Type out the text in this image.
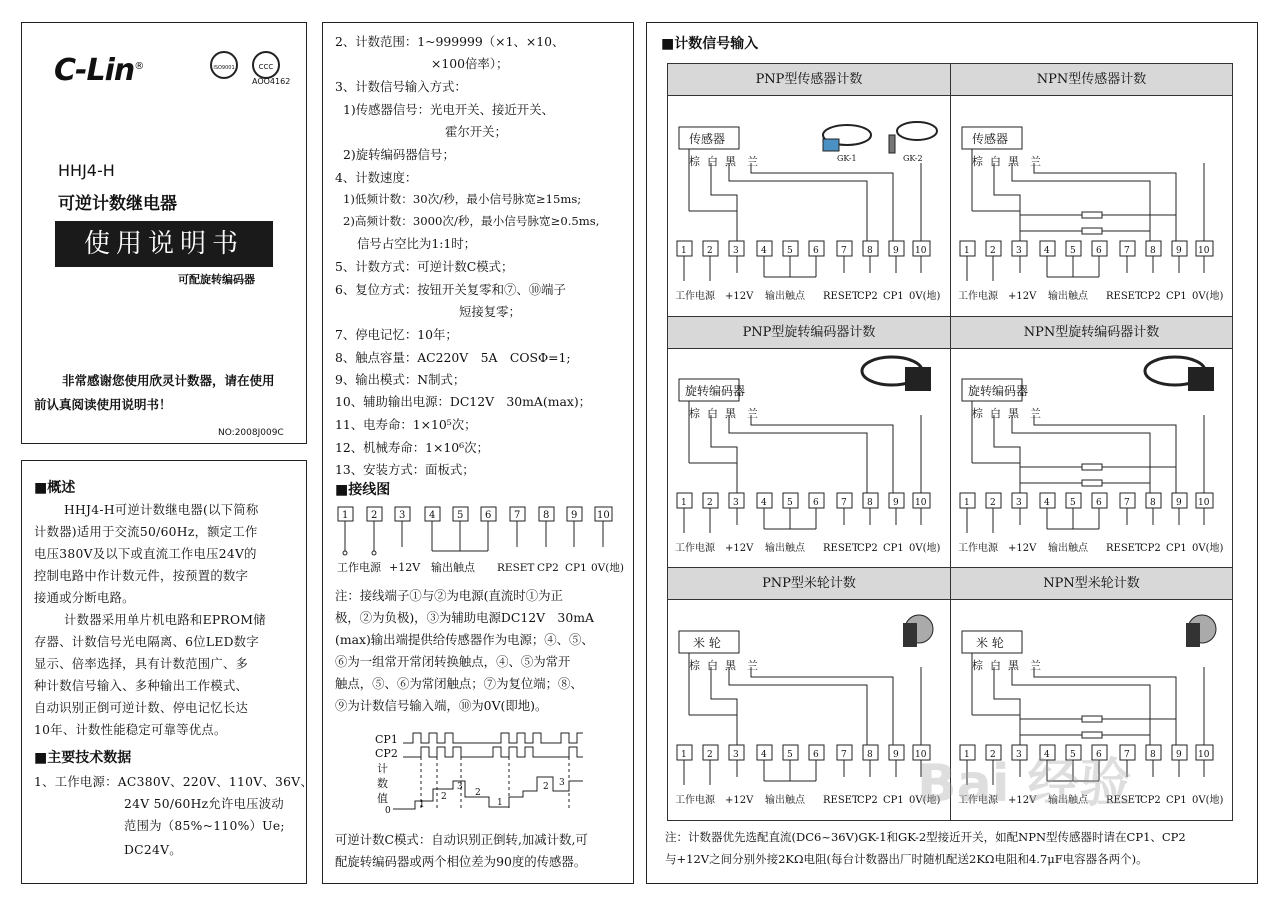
C-Lin®	ISO9001	CCC
AOO4162
HHJ4-H
可逆计数继电器
使用说明书
可配旋转编码器
非常感谢您使用欣灵计数器，请在使用
前认真阅读使用说明书！
NO:2008J009C
■概述
HHJ4-H可逆计数继电器(以下简称
计数器)适用于交流50/60Hz，额定工作
电压380V及以下或直流工作电压24V的
控制电路中作计数元件，按预置的数字
接通或分断电路。
计数器采用单片机电路和EPROM储
存器、计数信号光电隔离、6位LED数字
显示、倍率选择，具有计数范围广、多
种计数信号输入、多种输出工作模式、
自动识别正倒可逆计数、停电记忆长达
10年、计数性能稳定可靠等优点。
■主要技术数据
1、工作电源：AC380V、220V、110V、36V、
24V 50/60Hz允许电压波动
范围为（85%~110%）Ue;
DC24V。
2、计数范围：1~999999（×1、×10、
×100倍率）；
3、计数信号输入方式：
1)传感器信号：光电开关、接近开关、
霍尔开关；
2)旋转编码器信号；
4、计数速度：
1)低频计数：30次/秒，最小信号脉宽≥15ms;
2)高频计数：3000次/秒，最小信号脉宽≥0.5ms,
信号占空比为1:1时；
5、计数方式：可逆计数C模式；
6、复位方式：按钮开关复零和⑦、⑩端子
短接复零；
7、停电记忆：10年；
8、触点容量：AC220V　5A　COSΦ=1;
9、输出模式：N制式；
10、辅助输出电源：DC12V　30mA(max)；
11、电寿命：1×10⁵次；
12、机械寿命：1×10⁶次；
13、安装方式：面板式；
■接线图
1 2 3 4 5 6 7 8 9 10
工作电源 +12V 输出触点 RESET CP2 CP1 0V(地)
注：接线端子①与②为电源(直流时①为正
极，②为负极)，③为辅助电源DC12V　30mA
(max)输出端提供给传感器作为电源；④、⑤、
⑥为一组常开常闭转换触点，④、⑤为常开
触点，⑤、⑥为常闭触点；⑦为复位端；⑧、
⑨为计数信号输入端，⑩为0V(即地)。
CP1
CP2
计
数
值
0
1
2
3
2
1
2 3
可逆计数C模式：自动识别正倒转,加减计数,可
配旋转编码器或两个相位差为90度的传感器。
■计数信号输入
PNP型传感器计数	NPN型传感器计数
PNP型旋转编码器计数	NPN型旋转编码器计数
PNP型米轮计数	NPN型米轮计数
传感器	传感器
旋转编码器	旋转编码器
米 轮	米 轮
GK-1	GK-2
注：计数器优先选配直流(DC6~36V)GK-1和GK-2型接近开关，如配NPN型传感器时请在CP1、CP2
与+12V之间分别外接2KΩ电阻(每台计数器出厂时随机配送2KΩ电阻和4.7μF电容器各两个)。
Bai 经验
